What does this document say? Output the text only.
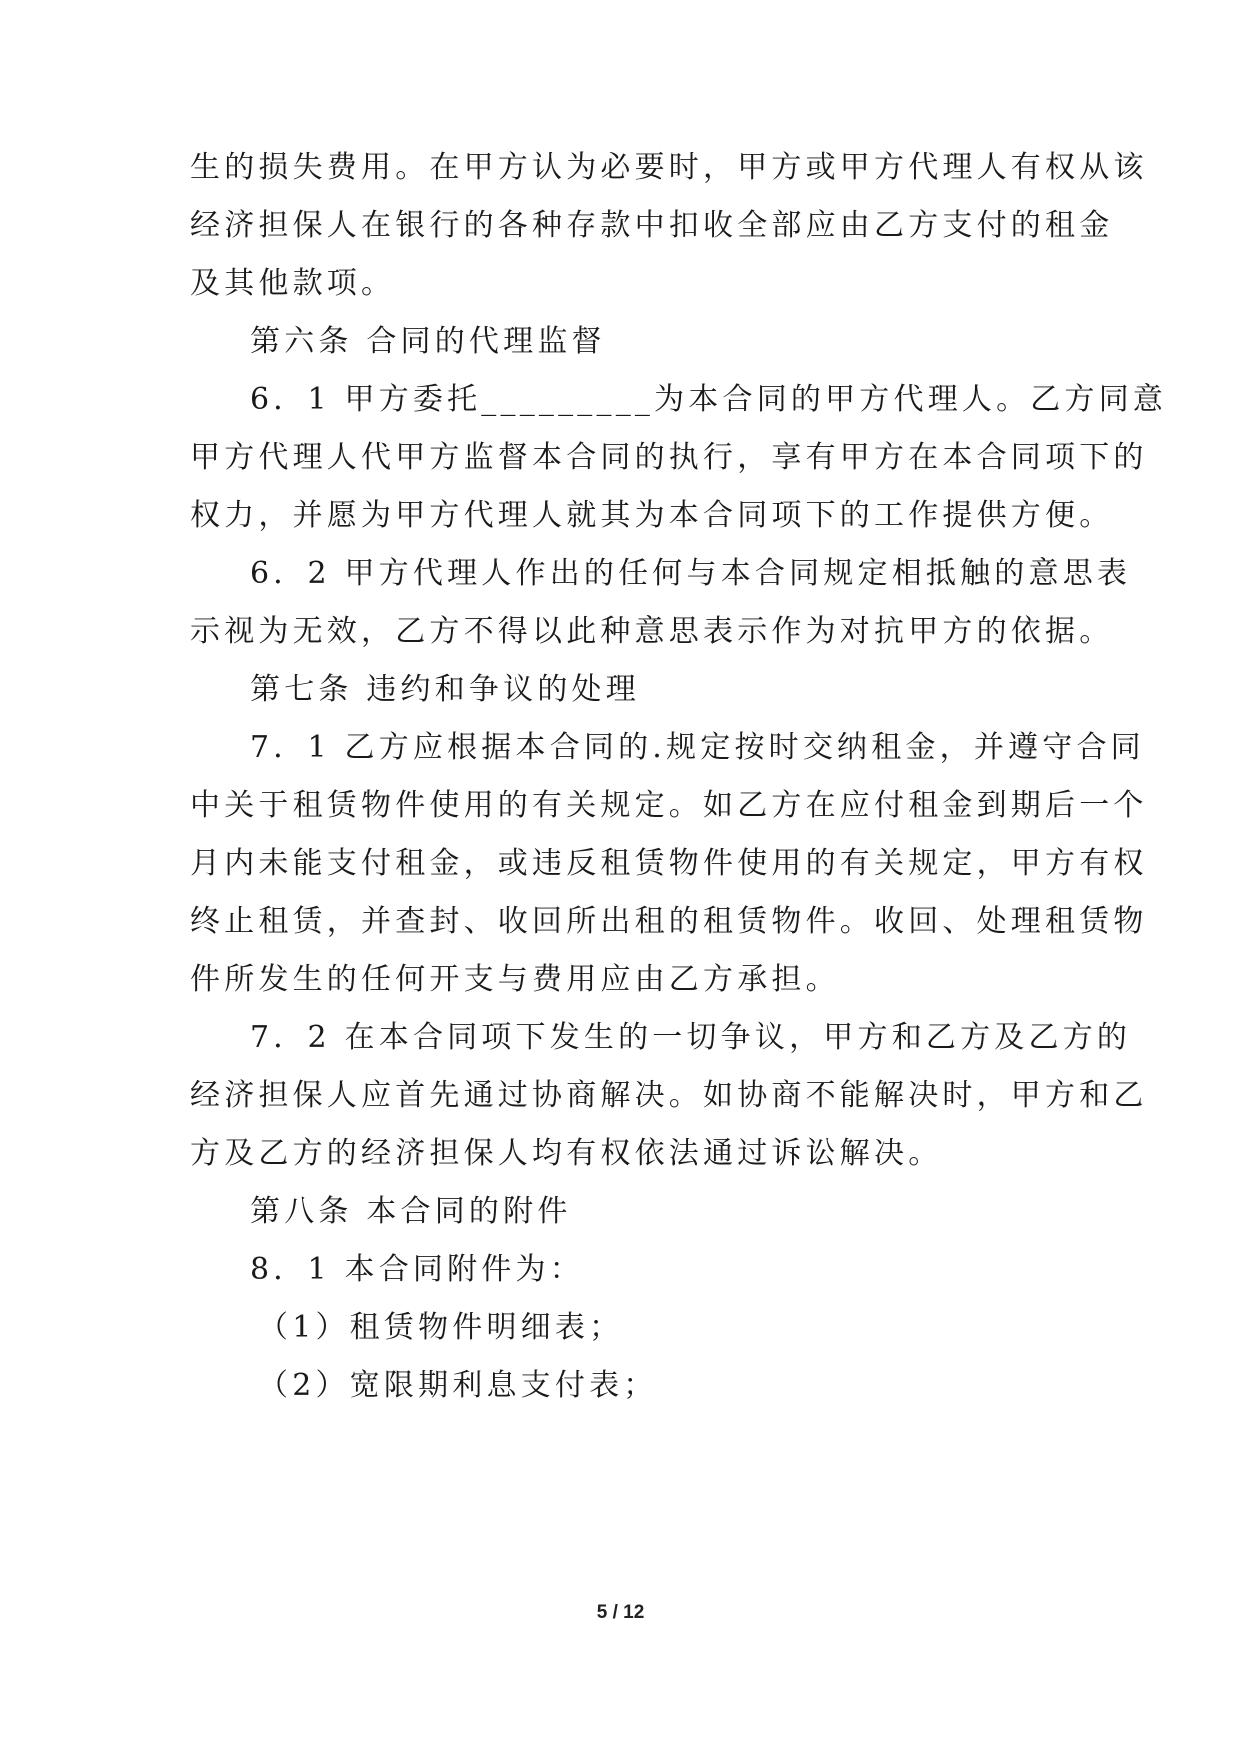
生的损失费用。在甲方认为必要时，甲方或甲方代理人有权从该
经济担保人在银行的各种存款中扣收全部应由乙方支付的租金
及其他款项。
第六条 合同的代理监督
6．1 甲方委托_________为本合同的甲方代理人。乙方同意
甲方代理人代甲方监督本合同的执行，享有甲方在本合同项下的
权力，并愿为甲方代理人就其为本合同项下的工作提供方便。
6．2 甲方代理人作出的任何与本合同规定相抵触的意思表
示视为无效，乙方不得以此种意思表示作为对抗甲方的依据。
第七条 违约和争议的处理
7．1 乙方应根据本合同的.规定按时交纳租金，并遵守合同
中关于租赁物件使用的有关规定。如乙方在应付租金到期后一个
月内未能支付租金，或违反租赁物件使用的有关规定，甲方有权
终止租赁，并查封、收回所出租的租赁物件。收回、处理租赁物
件所发生的任何开支与费用应由乙方承担。
7．2 在本合同项下发生的一切争议，甲方和乙方及乙方的
经济担保人应首先通过协商解决。如协商不能解决时，甲方和乙
方及乙方的经济担保人均有权依法通过诉讼解决。
第八条 本合同的附件
8．1 本合同附件为：
（1）租赁物件明细表；
（2）宽限期利息支付表；
5 / 12
